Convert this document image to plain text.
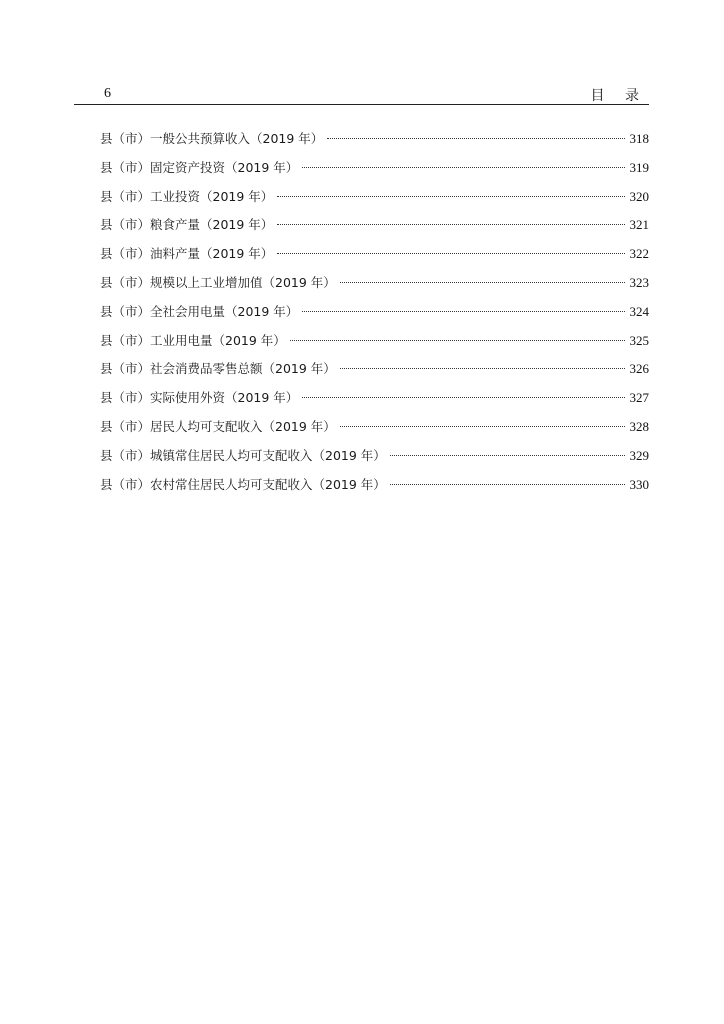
6	目 录
县（市）一般公共预算收入（2019 年）	318
县（市）固定资产投资（2019 年）	319
县（市）工业投资（2019 年）	320
县（市）粮食产量（2019 年）	321
县（市）油料产量（2019 年）	322
县（市）规模以上工业增加值（2019 年）	323
县（市）全社会用电量（2019 年）	324
县（市）工业用电量（2019 年）	325
县（市）社会消费品零售总额（2019 年）	326
县（市）实际使用外资（2019 年）	327
县（市）居民人均可支配收入（2019 年）	328
县（市）城镇常住居民人均可支配收入（2019 年）	329
县（市）农村常住居民人均可支配收入（2019 年）	330
